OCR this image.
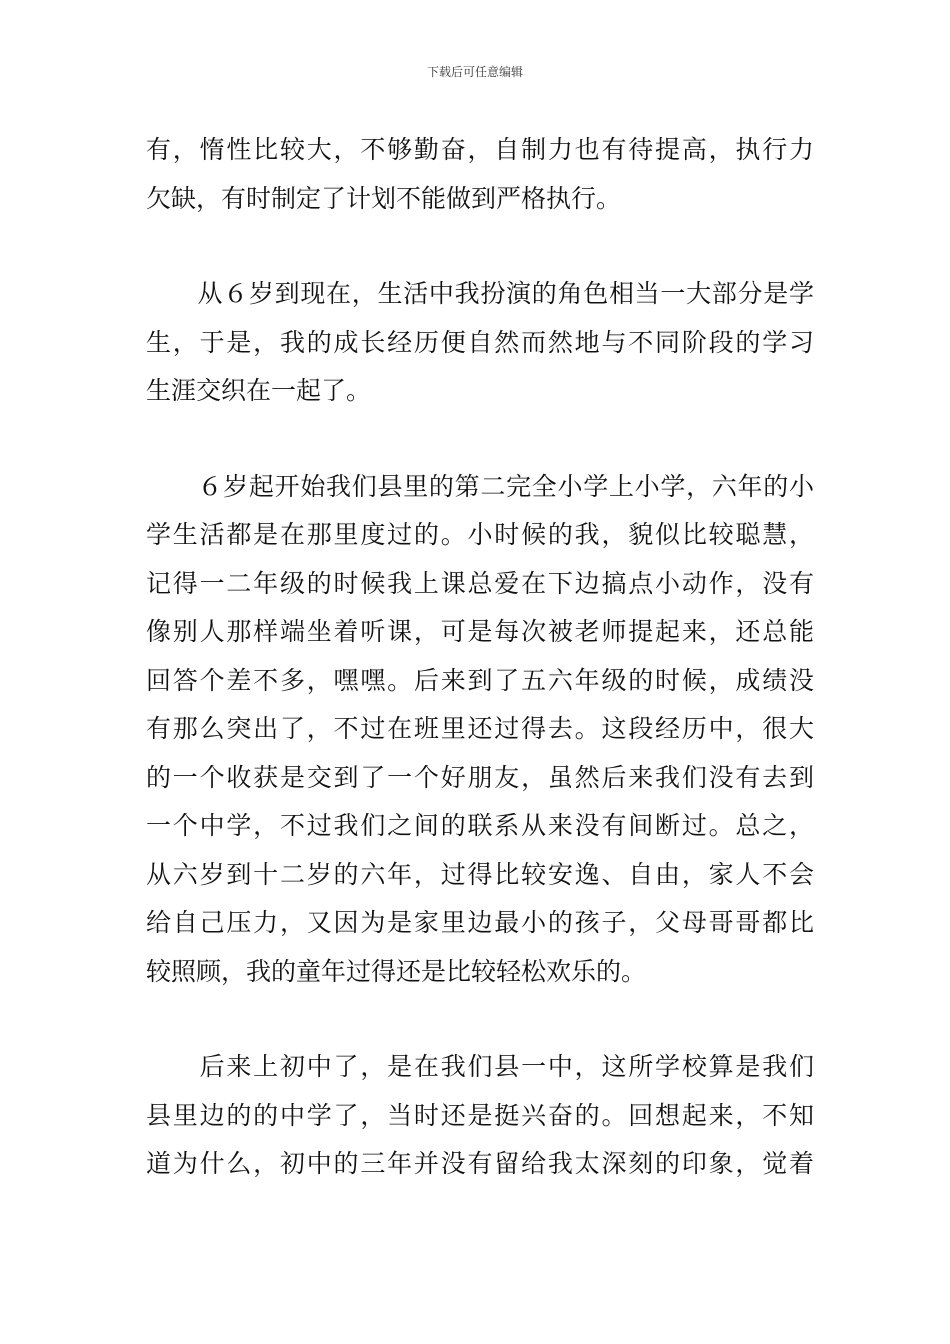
下载后可任意编辑

有，惰性比较大，不够勤奋，自制力也有待提高，执行力
欠缺，有时制定了计划不能做到严格执行。

　　从６岁到现在，生活中我扮演的角色相当一大部分是学
生，于是，我的成长经历便自然而然地与不同阶段的学习
生涯交织在一起了。

　　６岁起开始我们县里的第二完全小学上小学，六年的小
学生活都是在那里度过的。小时候的我，貌似比较聪慧，
记得一二年级的时候我上课总爱在下边搞点小动作，没有
像别人那样端坐着听课，可是每次被老师提起来，还总能
回答个差不多，嘿嘿。后来到了五六年级的时候，成绩没
有那么突出了，不过在班里还过得去。这段经历中，很大
的一个收获是交到了一个好朋友，虽然后来我们没有去到
一个中学，不过我们之间的联系从来没有间断过。总之，
从六岁到十二岁的六年，过得比较安逸、自由，家人不会
给自己压力，又因为是家里边最小的孩子，父母哥哥都比
较照顾，我的童年过得还是比较轻松欢乐的。

　　后来上初中了，是在我们县一中，这所学校算是我们
县里边的的中学了，当时还是挺兴奋的。回想起来，不知
道为什么，初中的三年并没有留给我太深刻的印象，觉着
